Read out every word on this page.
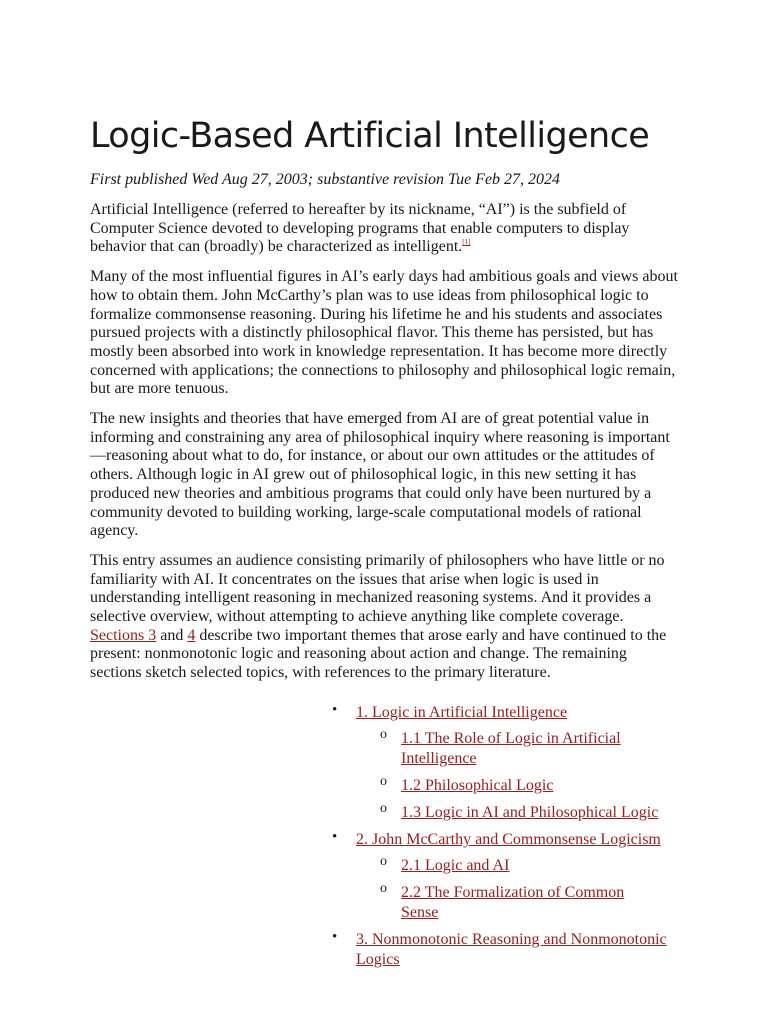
Logic-Based Artificial Intelligence

First published Wed Aug 27, 2003; substantive revision Tue Feb 27, 2024

Artificial Intelligence (referred to hereafter by its nickname, “AI”) is the subfield of Computer Science devoted to developing programs that enable computers to display behavior that can (broadly) be characterized as intelligent.[1]

Many of the most influential figures in AI’s early days had ambitious goals and views about how to obtain them. John McCarthy’s plan was to use ideas from philosophical logic to formalize commonsense reasoning. During his lifetime he and his students and associates pursued projects with a distinctly philosophical flavor. This theme has persisted, but has mostly been absorbed into work in knowledge representation. It has become more directly concerned with applications; the connections to philosophy and philosophical logic remain, but are more tenuous.

The new insights and theories that have emerged from AI are of great potential value in informing and constraining any area of philosophical inquiry where reasoning is important—reasoning about what to do, for instance, or about our own attitudes or the attitudes of others. Although logic in AI grew out of philosophical logic, in this new setting it has produced new theories and ambitious programs that could only have been nurtured by a community devoted to building working, large-scale computational models of rational agency.

This entry assumes an audience consisting primarily of philosophers who have little or no familiarity with AI. It concentrates on the issues that arise when logic is used in understanding intelligent reasoning in mechanized reasoning systems. And it provides a selective overview, without attempting to achieve anything like complete coverage. Sections 3 and 4 describe two important themes that arose early and have continued to the present: nonmonotonic logic and reasoning about action and change. The remaining sections sketch selected topics, with references to the primary literature.

• 1. Logic in Artificial Intelligence
o 1.1 The Role of Logic in Artificial Intelligence
o 1.2 Philosophical Logic
o 1.3 Logic in AI and Philosophical Logic
• 2. John McCarthy and Commonsense Logicism
o 2.1 Logic and AI
o 2.2 The Formalization of Common Sense
• 3. Nonmonotonic Reasoning and Nonmonotonic Logics
